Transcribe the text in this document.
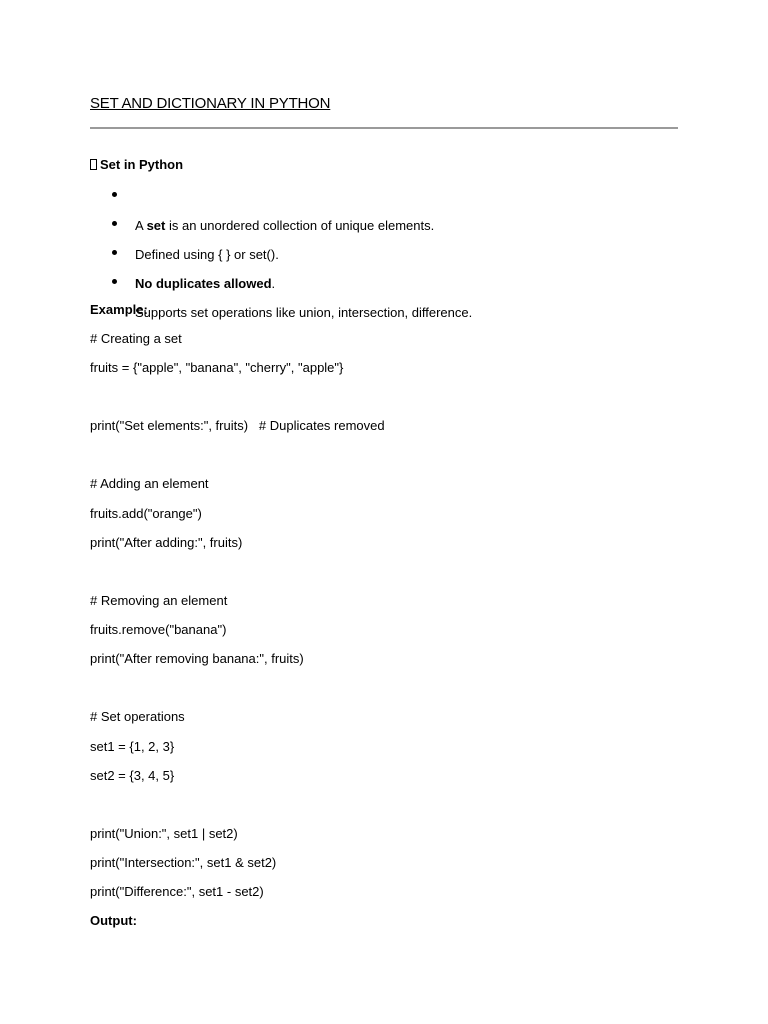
SET AND DICTIONARY IN PYTHON
Set in Python

A set is an unordered collection of unique elements.

Defined using { } or set().

No duplicates allowed.

Supports set operations like union, intersection, difference.

Example:
# Creating a set
fruits = {"apple", "banana", "cherry", "apple"}
print("Set elements:", fruits)   # Duplicates removed
# Adding an element
fruits.add("orange")
print("After adding:", fruits)
# Removing an element
fruits.remove("banana")
print("After removing banana:", fruits)
# Set operations
set1 = {1, 2, 3}
set2 = {3, 4, 5}
print("Union:", set1 | set2)
print("Intersection:", set1 & set2)
print("Difference:", set1 - set2)
Output:
